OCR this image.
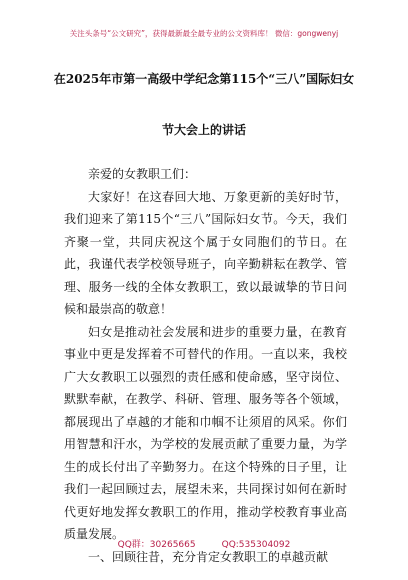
关注头条号“公文研究”，获得最新最全最专业的公文资料库！ 微信：gongwenyj
在2025年市第一高级中学纪念第115个“三八”国际妇女
节大会上的讲话

亲爱的女教职工们：

大家好！在这春回大地、万象更新的美好时节，我们迎来了第115个“三八”国际妇女节。今天，我们齐聚一堂，共同庆祝这个属于女同胞们的节日。在此，我谨代表学校领导班子，向辛勤耕耘在教学、管理、服务一线的全体女教职工，致以最诚挚的节日问候和最崇高的敬意！

妇女是推动社会发展和进步的重要力量，在教育事业中更是发挥着不可替代的作用。一直以来，我校广大女教职工以强烈的责任感和使命感，坚守岗位、默默奉献，在教学、科研、管理、服务等各个领域，都展现出了卓越的才能和巾帼不让须眉的风采。你们用智慧和汗水，为学校的发展贡献了重要力量，为学生的成长付出了辛勤努力。在这个特殊的日子里，让我们一起回顾过去，展望未来，共同探讨如何在新时代更好地发挥女教职工的作用，推动学校教育事业高质量发展。

一、回顾往昔，充分肯定女教职工的卓越贡献

QQ群：30265665	QQ:535304092
